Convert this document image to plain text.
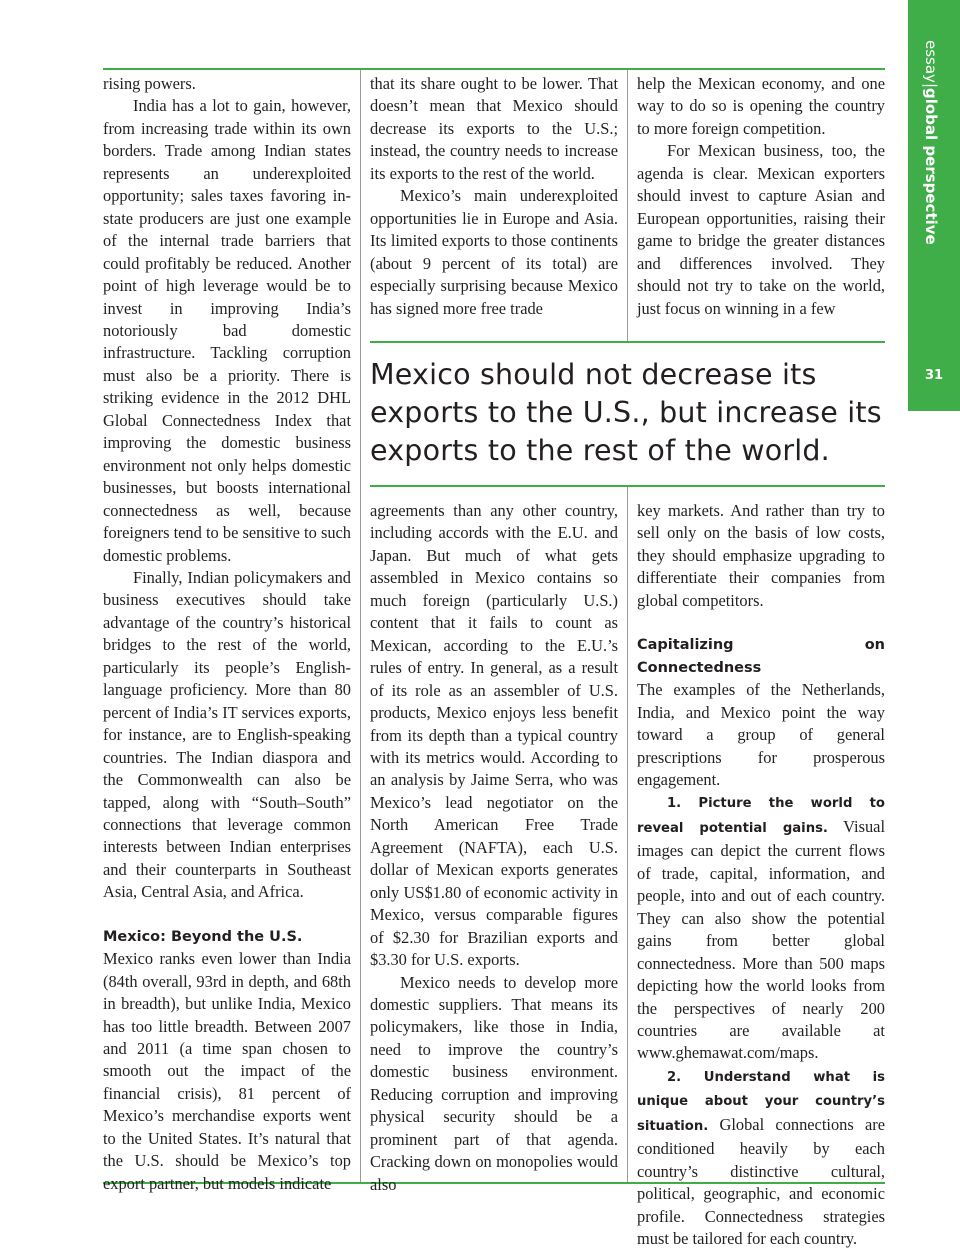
essay|global perspective
31

rising powers.

India has a lot to gain, however, from increasing trade within its own borders. Trade among Indian states represents an underexploited opportunity; sales taxes favoring in-state producers are just one example of the internal trade barriers that could profitably be reduced. Another point of high leverage would be to invest in improving India’s notoriously bad domestic infrastructure. Tackling corruption must also be a priority. There is striking evidence in the 2012 DHL Global Connectedness Index that improving the domestic business environment not only helps domestic businesses, but boosts international connectedness as well, because foreigners tend to be sensitive to such domestic problems.

Finally, Indian policymakers and business executives should take advantage of the country’s historical bridges to the rest of the world, particularly its people’s English-language proficiency. More than 80 percent of India’s IT services exports, for instance, are to English-speaking countries. The Indian diaspora and the Commonwealth can also be tapped, along with “South–South” connections that leverage common interests between Indian enterprises and their counterparts in Southeast Asia, Central Asia, and Africa.

Mexico: Beyond the U.S.

Mexico ranks even lower than India (84th overall, 93rd in depth, and 68th in breadth), but unlike India, Mexico has too little breadth. Between 2007 and 2011 (a time span chosen to smooth out the impact of the financial crisis), 81 percent of Mexico’s merchandise exports went to the United States. It’s natural that the U.S. should be Mexico’s top export partner, but models indicate

that its share ought to be lower. That doesn’t mean that Mexico should decrease its exports to the U.S.; instead, the country needs to increase its exports to the rest of the world.

Mexico’s main underexploited opportunities lie in Europe and Asia. Its limited exports to those continents (about 9 percent of its total) are especially surprising because Mexico has signed more free trade

help the Mexican economy, and one way to do so is opening the country to more foreign competition.

For Mexican business, too, the agenda is clear. Mexican exporters should invest to capture Asian and European opportunities, raising their game to bridge the greater distances and differences involved. They should not try to take on the world, just focus on winning in a few

Mexico should not decrease its exports to the U.S., but increase its exports to the rest of the world.

agreements than any other country, including accords with the E.U. and Japan. But much of what gets assembled in Mexico contains so much foreign (particularly U.S.) content that it fails to count as Mexican, according to the E.U.’s rules of entry. In general, as a result of its role as an assembler of U.S. products, Mexico enjoys less benefit from its depth than a typical country with its metrics would. According to an analysis by Jaime Serra, who was Mexico’s lead negotiator on the North American Free Trade Agreement (NAFTA), each U.S. dollar of Mexican exports generates only US$1.80 of economic activity in Mexico, versus comparable figures of $2.30 for Brazilian exports and $3.30 for U.S. exports.

Mexico needs to develop more domestic suppliers. That means its policymakers, like those in India, need to improve the country’s domestic business environment. Reducing corruption and improving physical security should be a prominent part of that agenda. Cracking down on monopolies would also

key markets. And rather than try to sell only on the basis of low costs, they should emphasize upgrading to differentiate their companies from global competitors.

Capitalizing on Connectedness

The examples of the Netherlands, India, and Mexico point the way toward a group of general prescriptions for prosperous engagement.

1. Picture the world to reveal potential gains. Visual images can depict the current flows of trade, capital, information, and people, into and out of each country. They can also show the potential gains from better global connectedness. More than 500 maps depicting how the world looks from the perspectives of nearly 200 countries are available at www.ghemawat.com/maps.

2. Understand what is unique about your country’s situation. Global connections are conditioned heavily by each country’s distinctive cultural, political, geographic, and economic profile. Connectedness strategies must be tailored for each country.
